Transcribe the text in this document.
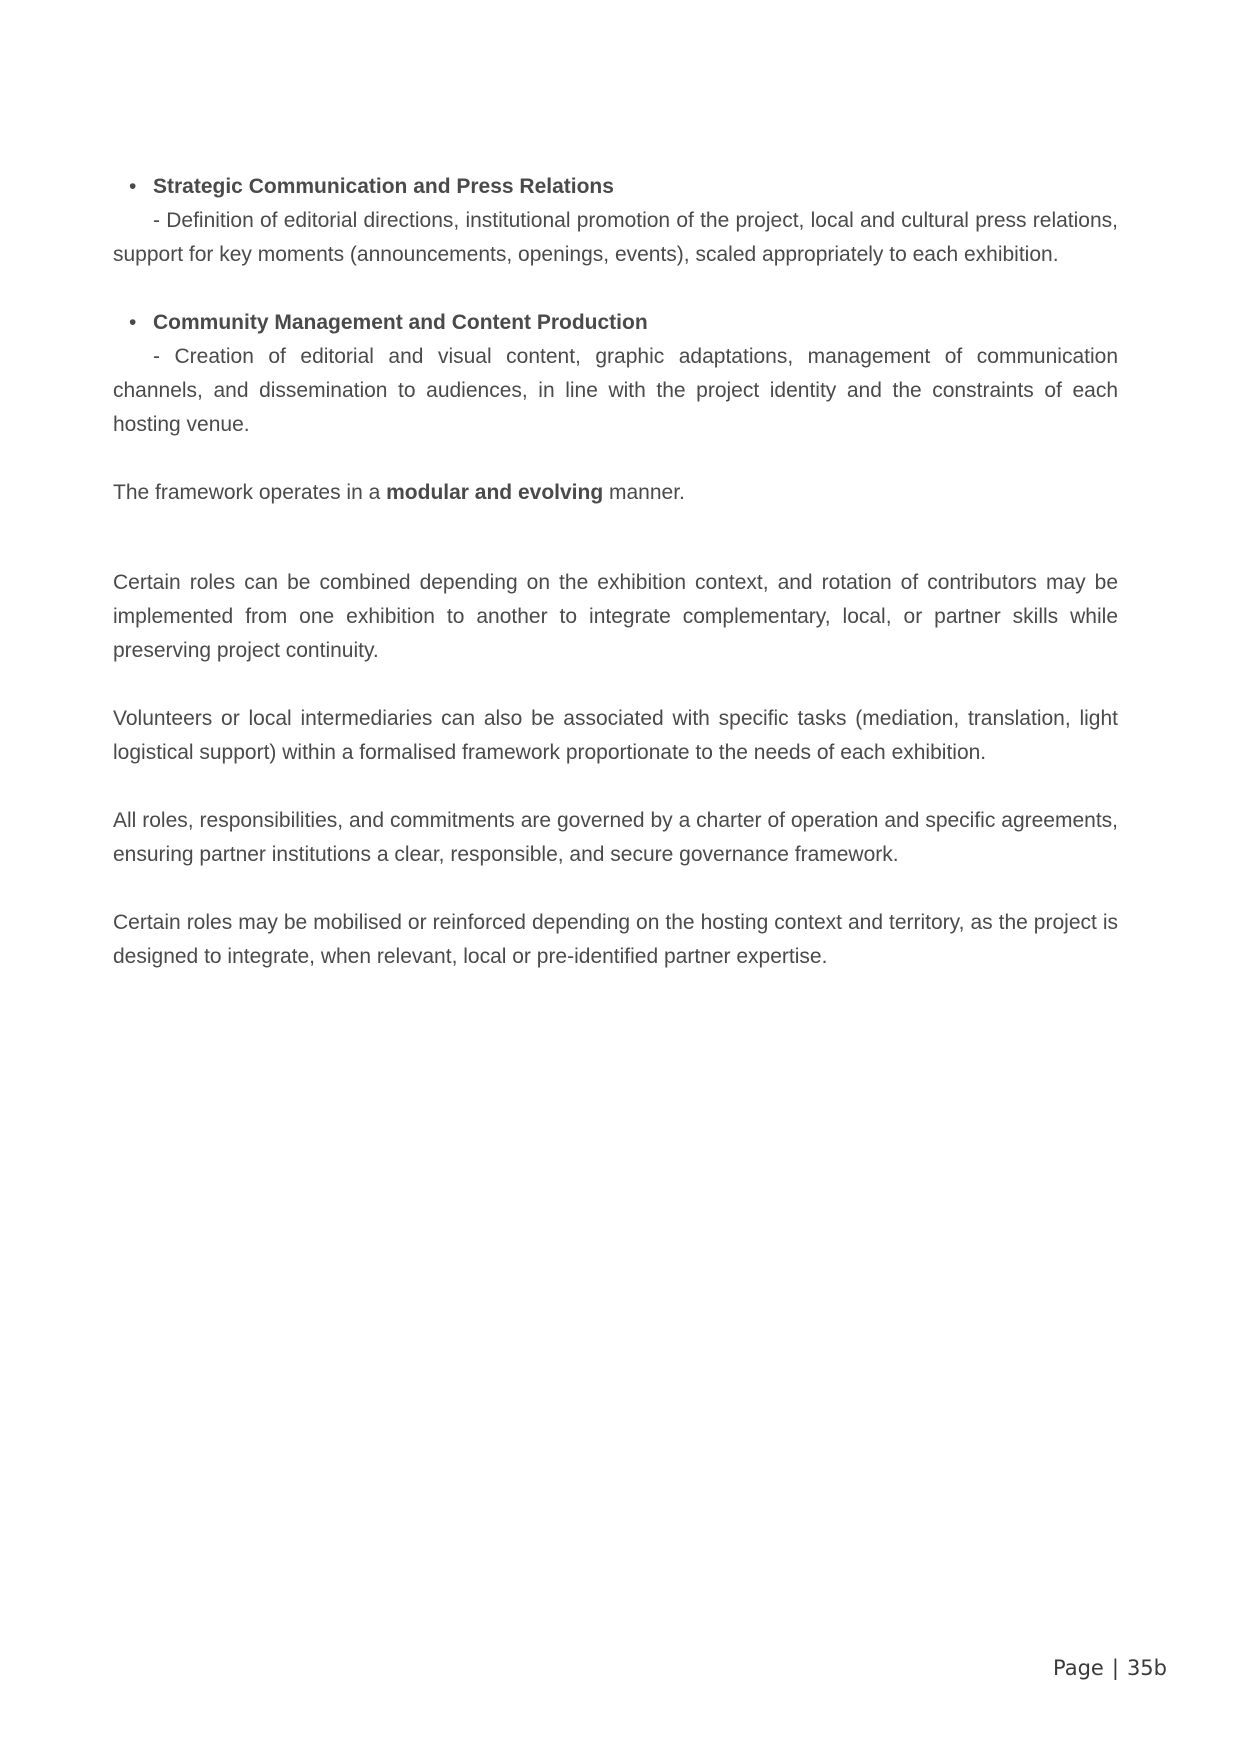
• Strategic Communication and Press Relations

- Definition of editorial directions, institutional promotion of the project, local and cultural press relations, support for key moments (announcements, openings, events), scaled appropriately to each exhibition.

• Community Management and Content Production

- Creation of editorial and visual content, graphic adaptations, management of communication channels, and dissemination to audiences, in line with the project identity and the constraints of each hosting venue.

The framework operates in a modular and evolving manner.

Certain roles can be combined depending on the exhibition context, and rotation of contributors may be implemented from one exhibition to another to integrate complementary, local, or partner skills while preserving project continuity.

Volunteers or local intermediaries can also be associated with specific tasks (mediation, translation, light logistical support) within a formalised framework proportionate to the needs of each exhibition.

All roles, responsibilities, and commitments are governed by a charter of operation and specific agreements, ensuring partner institutions a clear, responsible, and secure governance framework.

Certain roles may be mobilised or reinforced depending on the hosting context and territory, as the project is designed to integrate, when relevant, local or pre-identified partner expertise.

Page | 35b
